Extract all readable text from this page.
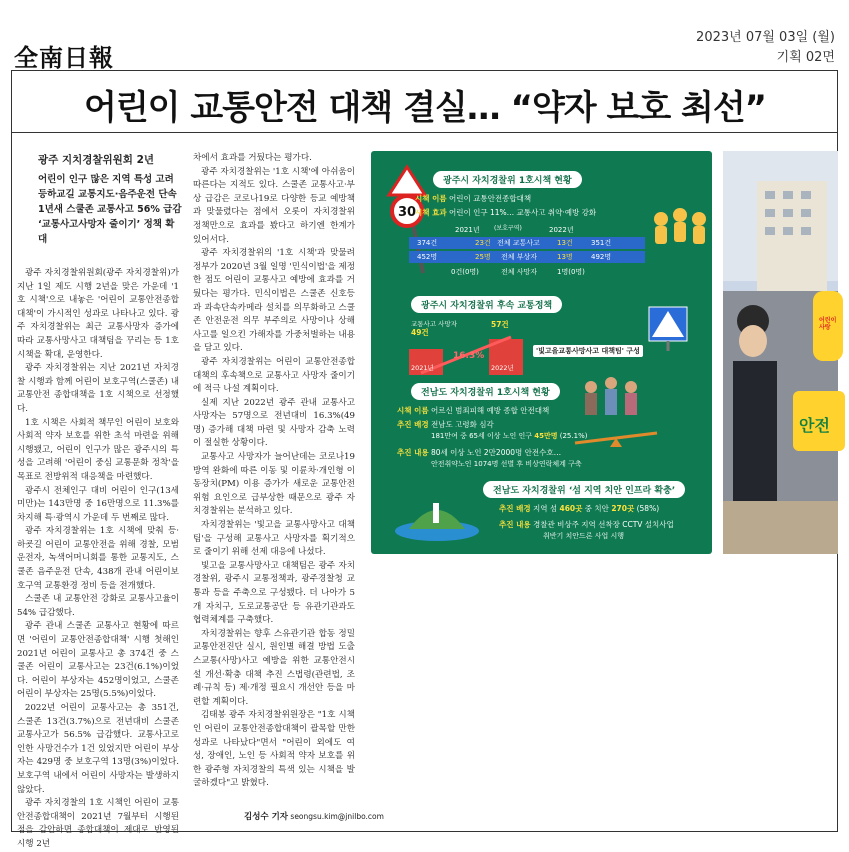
全南日報
2023년 07월 03일 (월)
기획 02면
어린이 교통안전 대책 결실… “약자 보호 최선”
광주 지치경찰위원회 2년
어린이 인구 많은 지역 특성 고려
등하교길 교통지도·음주운전 단속
1년새 스쿨존 교통사고 56% 급감
‘교통사고사망자 줄이기’ 정책 확대

광주 자치경찰위원회(광주 자치경찰위)가 지난 1일 제도 시행 2년을 맞은 가운데 '1호 시책'으로 내놓은 '어린이 교통안전종합대책'이 가시적인 성과로 나타나고 있다. 광주 자치경찰위는 최근 교통사망자 증가에 따라 교통사망사고 대책팀을 꾸리는 등 1호 시책을 확대, 운영한다.

광주 자치경찰위는 지난 2021년 자치경찰 시행과 함께 어린이 보호구역(스쿨존) 내 교통안전 종합대책을 1호 시책으로 선정했다.

1호 시책은 사회적 책무인 어린이 보호와 사회적 약자 보호를 위한 초석 마련을 위해 시행됐고, 어린이 인구가 많은 광주시의 특성을 고려해 '어린이 중심 교통문화 정착'을 목표로 전방위적 대응책을 마련했다.

광주시 전체인구 대비 어린이 인구(13세 미만)는 143만명 중 16만명으로 11.3%를 차지해 특·광역시 가운데 두 번째로 많다.

광주 자치경찰위는 1호 시책에 맞춰 등·하굣길 어린이 교통안전을 위해 경찰, 모범운전자, 녹색어머니회를 통한 교통지도, 스쿨존 음주운전 단속, 438개 관내 어린이보호구역 교통환경 정비 등을 전개했다.

스쿨존 내 교통안전 강화로 교통사고율이 54% 급감했다.

광주 관내 스쿨존 교통사고 현황에 따르면 '어린이 교통안전종합대책' 시행 첫해인 2021년 어린이 교통사고 총 374건 중 스쿨존 어린이 교통사고는 23건(6.1%)이었다. 어린이 부상자는 452명이었고, 스쿨존 어린이 부상자는 25명(5.5%)이었다.

2022년 어린이 교통사고는 총 351건, 스쿨존 13건(3.7%)으로 전년대비 스쿨존 교통사고가 56.5% 급감했다. 교통사고로 인한 사망건수가 1건 있었지만 어린이 부상자는 429명 중 보호구역 13명(3%)이었다. 보호구역 내에서 어린이 사망자는 발생하지 않았다.

광주 자치경찰의 1호 시책인 어린이 교통안전종합대책이 2021년 7월부터 시행된 점을 감안하면 종합대책이 제대로 반영된 시행 2년

차에서 효과를 거뒀다는 평가다.

광주 자치경찰위는 '1호 시책'에 아쉬움이 따른다는 지적도 있다. 스쿨존 교통사고·부상 급감은 코로나19로 다양한 등교 예방책과 맞물렸다는 점에서 오롯이 자치경찰위 정책만으로 효과를 봤다고 하기엔 한계가 있어서다.

광주 자치경찰위의 '1호 시책'과 맞물려 정부가 2020년 3월 일명 '민식이법'을 제정한 점도 어린이 교통사고 예방에 효과를 거뒀다는 평가다. 민식이법은 스쿨존 신호등과 과속단속카메라 설치를 의무화하고 스쿨존 안전운전 의무 부주의로 사망이나 상해사고를 일으킨 가해자를 가중처벌하는 내용을 담고 있다.

광주 자치경찰위는 어린이 교통안전종합대책의 후속책으로 교통사고 사망자 줄이기에 적극 나설 계획이다.

실제 지난 2022년 광주 관내 교통사고 사망자는 57명으로 전년대비 16.3%(49명) 증가해 대책 마련 및 사망자 감축 노력이 절실한 상황이다.

교통사고 사망자가 늘어난데는 코로나19 방역 완화에 따른 이동 및 이륜차·개인형 이동장치(PM) 이용 증가가 새로운 교통안전 위험 요인으로 급부상한 때문으로 광주 자치경찰위는 분석하고 있다.

자치경찰위는 '빛고을 교통사망사고 대책팀'을 구성해 교통사고 사망자를 획기적으로 줄이기 위해 선제 대응에 나섰다.

빛고을 교통사망사고 대책팀은 광주 자치경찰위, 광주시 교통정책과, 광주경찰청 교통과 등을 주축으로 구성됐다. 더 나아가 5개 자치구, 도로교통공단 등 유관기관과도 협력체계를 구축했다.

자치경찰위는 향후 스유관기관 합동 정밀 교통안전진단 실시, 원인별 해결 방법 도출 스교통(사망)사고 예방을 위한 교통안전시설 개선·확충 대책 추진 스법령(관련법, 조례·규칙 등) 제·개정 필요시 개선안 등을 마련할 계획이다.

김태봉 광주 자치경찰위원장은 "1호 시책인 어린이 교통안전종합대책이 괄목할 만한 성과로 나타났다"면서 "어린이 외에도 여성, 장애인, 노인 등 사회적 약자 보호를 위한 광주형 자치경찰의 특색 있는 시책을 발굴하겠다"고 밝혔다.

김성수 기자 seongsu.kim@jnilbo.com
30
광주시 자치경찰위 1호시책 현황
시책 이름 어린이 교통안전종합대책
시책 효과 어린이 인구 11%… 교통사고 취약·예방 강화
2021년	2022년
(보호구역)
374건	23건 전체 교통사고 13건	351건
452명	25명 전체 부상자	13명	492명
0건(0명)	전체 사망자	1명(0명)
광주시 자치경찰위 후속 교통정책
교통사고 사망자
49건
57건
16.3%
2021년	2022년
'빛고을교통사망사고 대책팀' 구성
전남도 자치경찰위 1호시책 현황
시책 이름 어르신 범죄피해 예방 종합 안전대책
추진 배경 전남도 고령화 심각
181만여 중 65세 이상 노인 인구 45만명 (25.1%)
추진 내용 80세 이상 노인 2만2000명 안전수호…
안전취약노인 1074명 선별 후 비상연락체계 구축
전남도 자치경찰위 ‘섬 지역 치안 인프라 확충’
추진 배경 지역 섬 460곳 중 치안 270곳 (58%)
추진 내용 경찰관 비상주 지역 선착장 CCTV 설치사업
취반기 치안드론 사업 시행
어린이 사랑
안전
